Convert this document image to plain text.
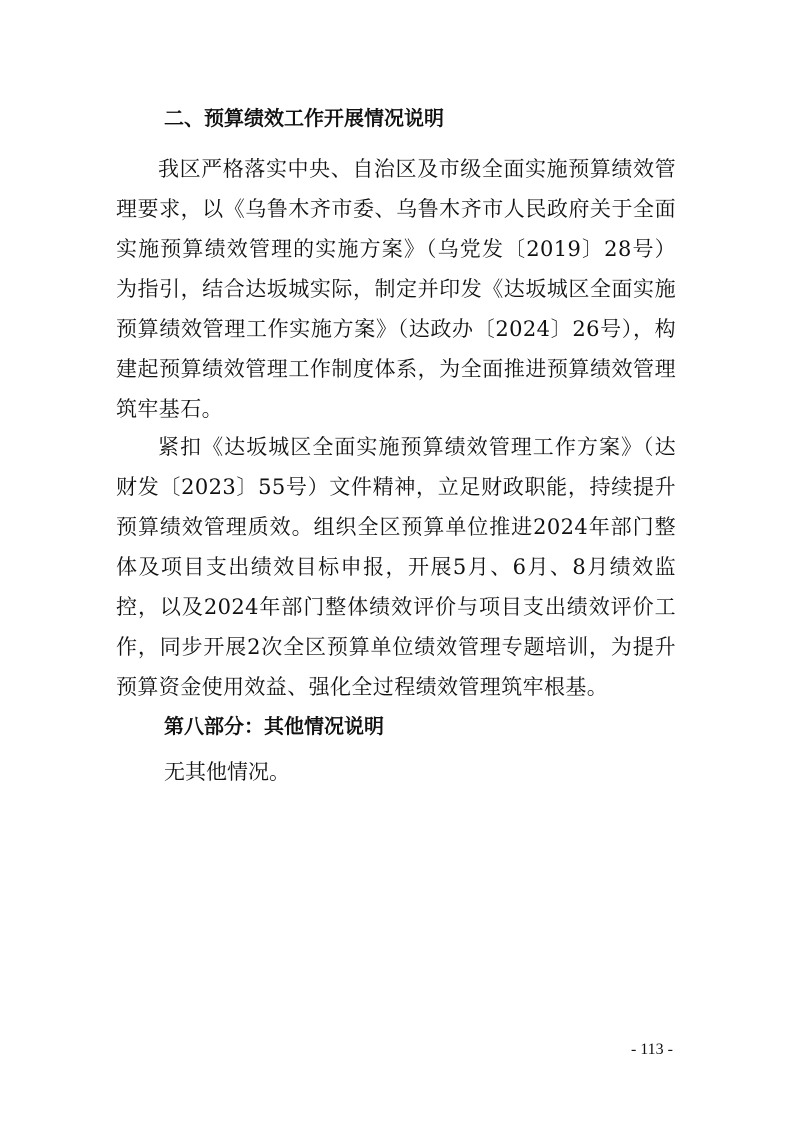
二、预算绩效工作开展情况说明

我区严格落实中央、自治区及市级全面实施预算绩效管理要求，以《乌鲁木齐市委、乌鲁木齐市人民政府关于全面实施预算绩效管理的实施方案》（乌党发〔2019〕28号）为指引，结合达坂城实际，制定并印发《达坂城区全面实施预算绩效管理工作实施方案》（达政办〔2024〕26号），构建起预算绩效管理工作制度体系，为全面推进预算绩效管理筑牢基石。

紧扣《达坂城区全面实施预算绩效管理工作方案》（达财发〔2023〕55号）文件精神，立足财政职能，持续提升预算绩效管理质效。组织全区预算单位推进2024年部门整体及项目支出绩效目标申报，开展5月、6月、8月绩效监控，以及2024年部门整体绩效评价与项目支出绩效评价工作，同步开展2次全区预算单位绩效管理专题培训，为提升预算资金使用效益、强化全过程绩效管理筑牢根基。

第八部分：其他情况说明
无其他情况。
- 113 -
